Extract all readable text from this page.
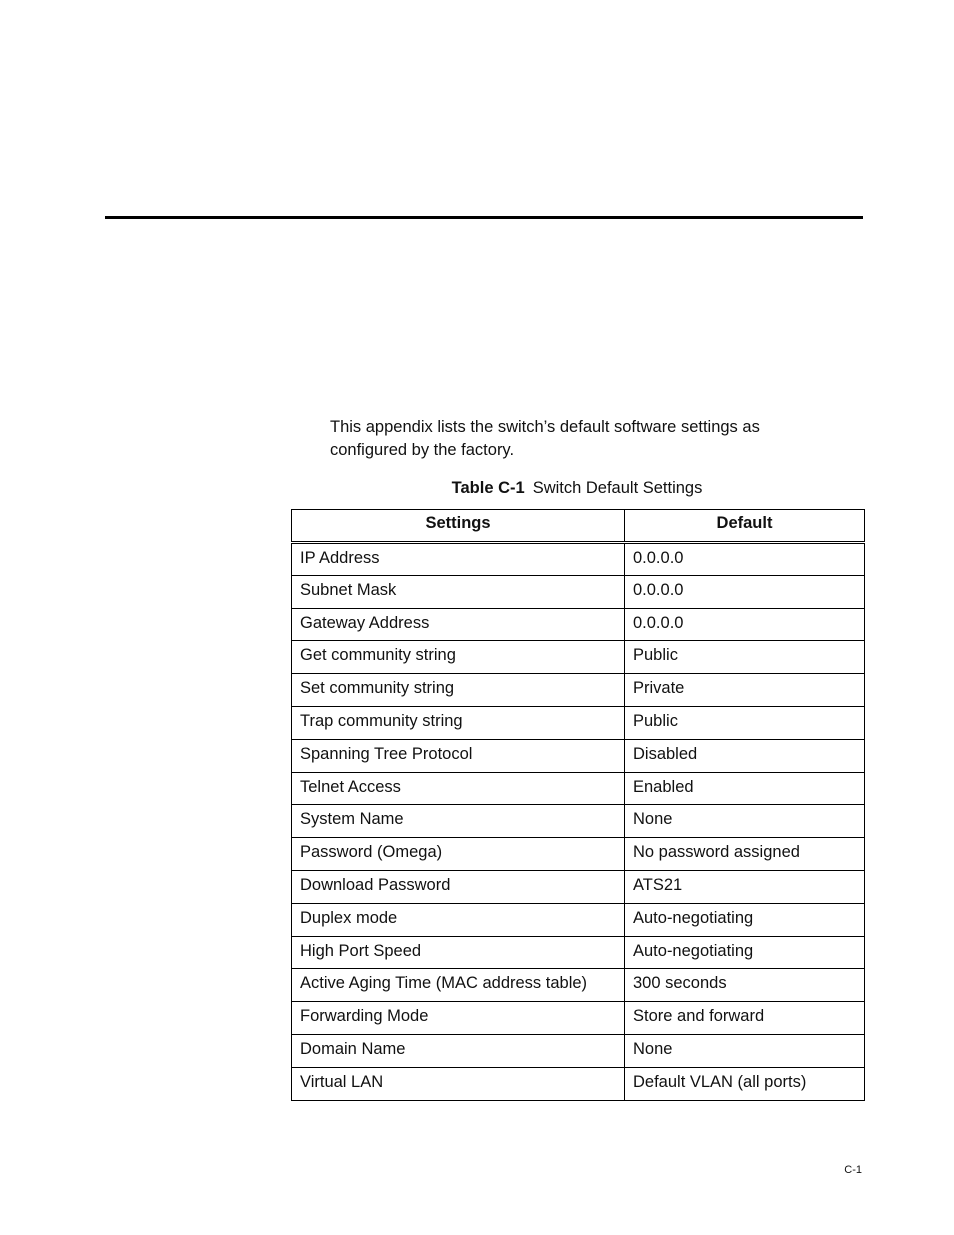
This appendix lists the switch’s default software settings as configured by the factory.

Table C-1 Switch Default Settings
Settings	Default
IP Address	0.0.0.0
Subnet Mask	0.0.0.0
Gateway Address	0.0.0.0
Get community string	Public
Set community string	Private
Trap community string	Public
Spanning Tree Protocol	Disabled
Telnet Access	Enabled
System Name	None
Password (Omega)	No password assigned
Download Password	ATS21
Duplex mode	Auto-negotiating
High Port Speed	Auto-negotiating
Active Aging Time (MAC address table)	300 seconds
Forwarding Mode	Store and forward
Domain Name	None
Virtual LAN	Default VLAN (all ports)
C-1
